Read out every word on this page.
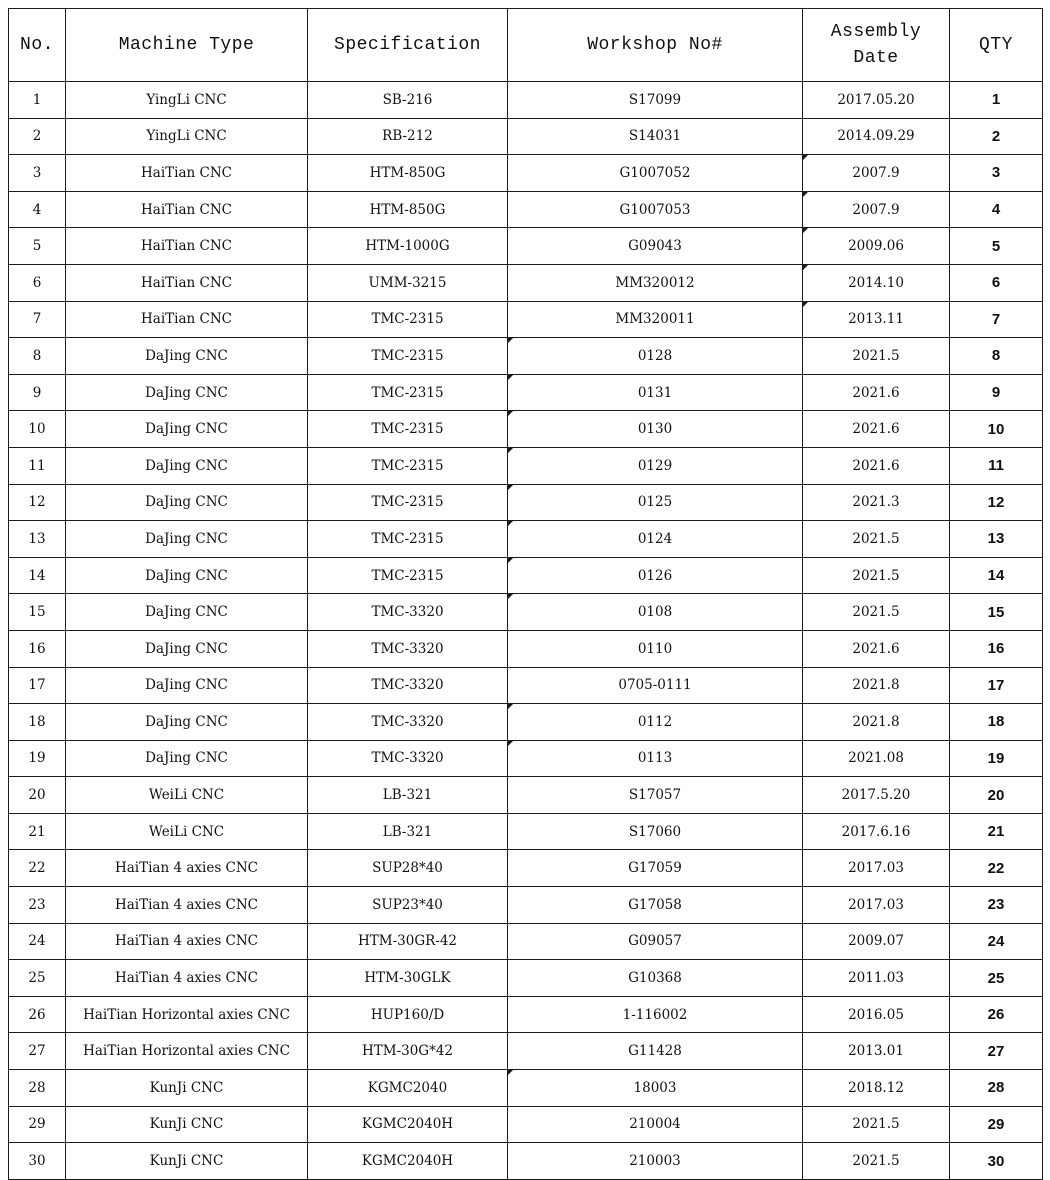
No.	Machine Type	Specification	Workshop No#	Assembly Date	QTY
1	YingLi CNC	SB-216	S17099	2017.05.20	1
2	YingLi CNC	RB-212	S14031	2014.09.29	2
3	HaiTian CNC	HTM-850G	G1007052	2007.9	3
4	HaiTian CNC	HTM-850G	G1007053	2007.9	4
5	HaiTian CNC	HTM-1000G	G09043	2009.06	5
6	HaiTian CNC	UMM-3215	MM320012	2014.10	6
7	HaiTian CNC	TMC-2315	MM320011	2013.11	7
8	DaJing CNC	TMC-2315	0128	2021.5	8
9	DaJing CNC	TMC-2315	0131	2021.6	9
10	DaJing CNC	TMC-2315	0130	2021.6	10
11	DaJing CNC	TMC-2315	0129	2021.6	11
12	DaJing CNC	TMC-2315	0125	2021.3	12
13	DaJing CNC	TMC-2315	0124	2021.5	13
14	DaJing CNC	TMC-2315	0126	2021.5	14
15	DaJing CNC	TMC-3320	0108	2021.5	15
16	DaJing CNC	TMC-3320	0110	2021.6	16
17	DaJing CNC	TMC-3320	0705-0111	2021.8	17
18	DaJing CNC	TMC-3320	0112	2021.8	18
19	DaJing CNC	TMC-3320	0113	2021.08	19
20	WeiLi CNC	LB-321	S17057	2017.5.20	20
21	WeiLi CNC	LB-321	S17060	2017.6.16	21
22	HaiTian 4 axies CNC	SUP28*40	G17059	2017.03	22
23	HaiTian 4 axies CNC	SUP23*40	G17058	2017.03	23
24	HaiTian 4 axies CNC	HTM-30GR-42	G09057	2009.07	24
25	HaiTian 4 axies CNC	HTM-30GLK	G10368	2011.03	25
26	HaiTian Horizontal axies CNC	HUP160/D	1-116002	2016.05	26
27	HaiTian Horizontal axies CNC	HTM-30G*42	G11428	2013.01	27
28	KunJi CNC	KGMC2040	18003	2018.12	28
29	KunJi CNC	KGMC2040H	210004	2021.5	29
30	KunJi CNC	KGMC2040H	210003	2021.5	30
